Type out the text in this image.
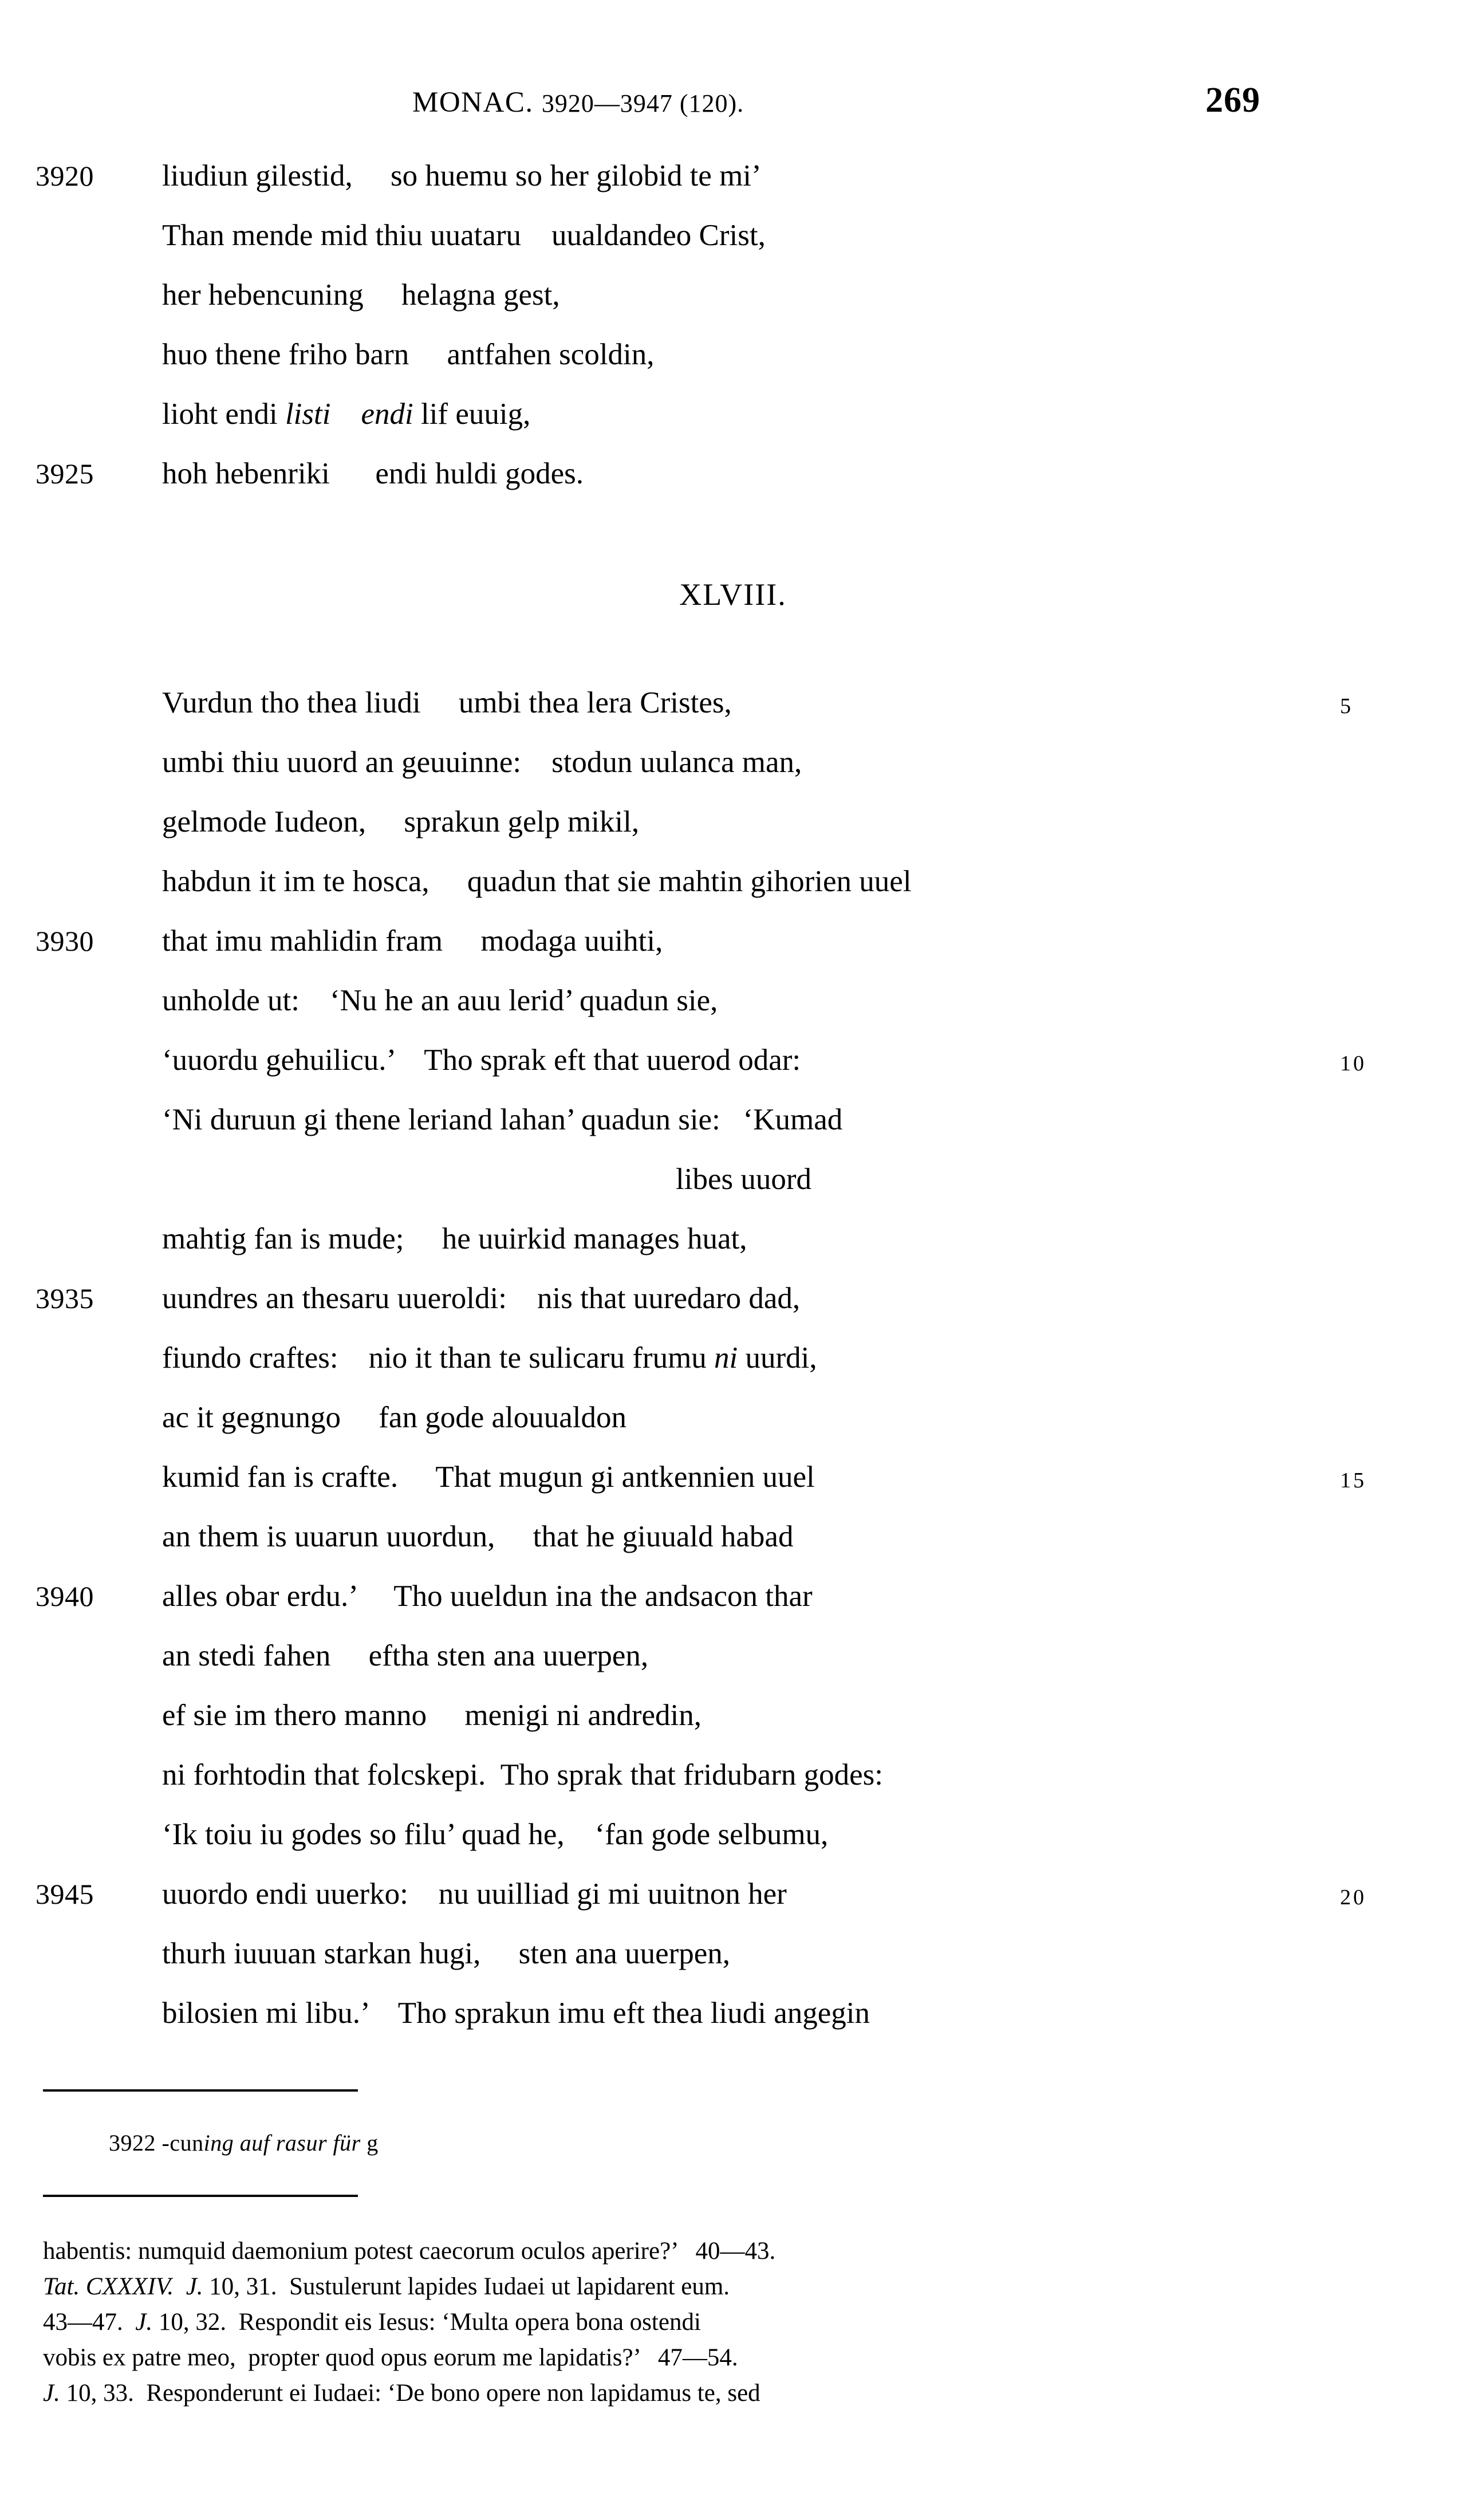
MONAC. 3920—3947 (120).	269
3920 liudiun gilestid,     so huemu so her gilobid te mi’
Than mende mid thiu uuataru    uualdandeo Crist,
her hebencuning     helagna gest,
huo thene friho barn     antfahen scoldin,
lioht endi listi endi lif euuig,
3925 hoh hebenriki      endi huldi godes.
XLVIII.
Vurdun tho thea liudi     umbi thea lera Cristes,	5
umbi thiu uuord an geuuinne:    stodun uulanca man,
gelmode Iudeon,     sprakun gelp mikil,
habdun it im te hosca,     quadun that sie mahtin gihorien uuel
3930 that imu mahlidin fram     modaga uuihti,
unholde ut:    ‘Nu he an auu lerid’ quadun sie,
‘uuordu gehuilicu.’    Tho sprak eft that uuerod odar:	10
‘Ni duruun gi thene leriand lahan’ quadun sie:   ‘Kumad
libes uuord
mahtig fan is mude;     he uuirkid manages huat,
3935 uundres an thesaru uueroldi:    nis that uuredaro dad,
fiundo craftes:    nio it than te sulicaru frumu ni uurdi,
ac it gegnungo     fan gode alouualdon
kumid fan is crafte.     That mugun gi antkennien uuel	15
an them is uuarun uuordun,     that he giuuald habad
3940 alles obar erdu.’     Tho uueldun ina the andsacon thar
an stedi fahen     eftha sten ana uuerpen,
ef sie im thero manno     menigi ni andredin,
ni forhtodin that folcskepi.  Tho sprak that fridubarn godes:
‘Ik toiu iu godes so filu’ quad he,    ‘fan gode selbumu,
3945 uuordo endi uuerko:    nu uuilliad gi mi uuitnon her	20
thurh iuuuan starkan hugi,     sten ana uuerpen,
bilosien mi libu.’    Tho sprakun imu eft thea liudi angegin
3922 -cuning auf rasur für g
habentis: numquid daemonium potest caecorum oculos aperire?’   40—43.
Tat. CXXXIV. J. 10, 31.  Sustulerunt lapides Iudaei ut lapidarent eum.
43—47.  J. 10, 32.  Respondit eis Iesus: ‘Multa opera bona ostendi
vobis ex patre meo,  propter quod opus eorum me lapidatis?’   47—54.
J. 10, 33.  Responderunt ei Iudaei: ‘De bono opere non lapidamus te, sed
